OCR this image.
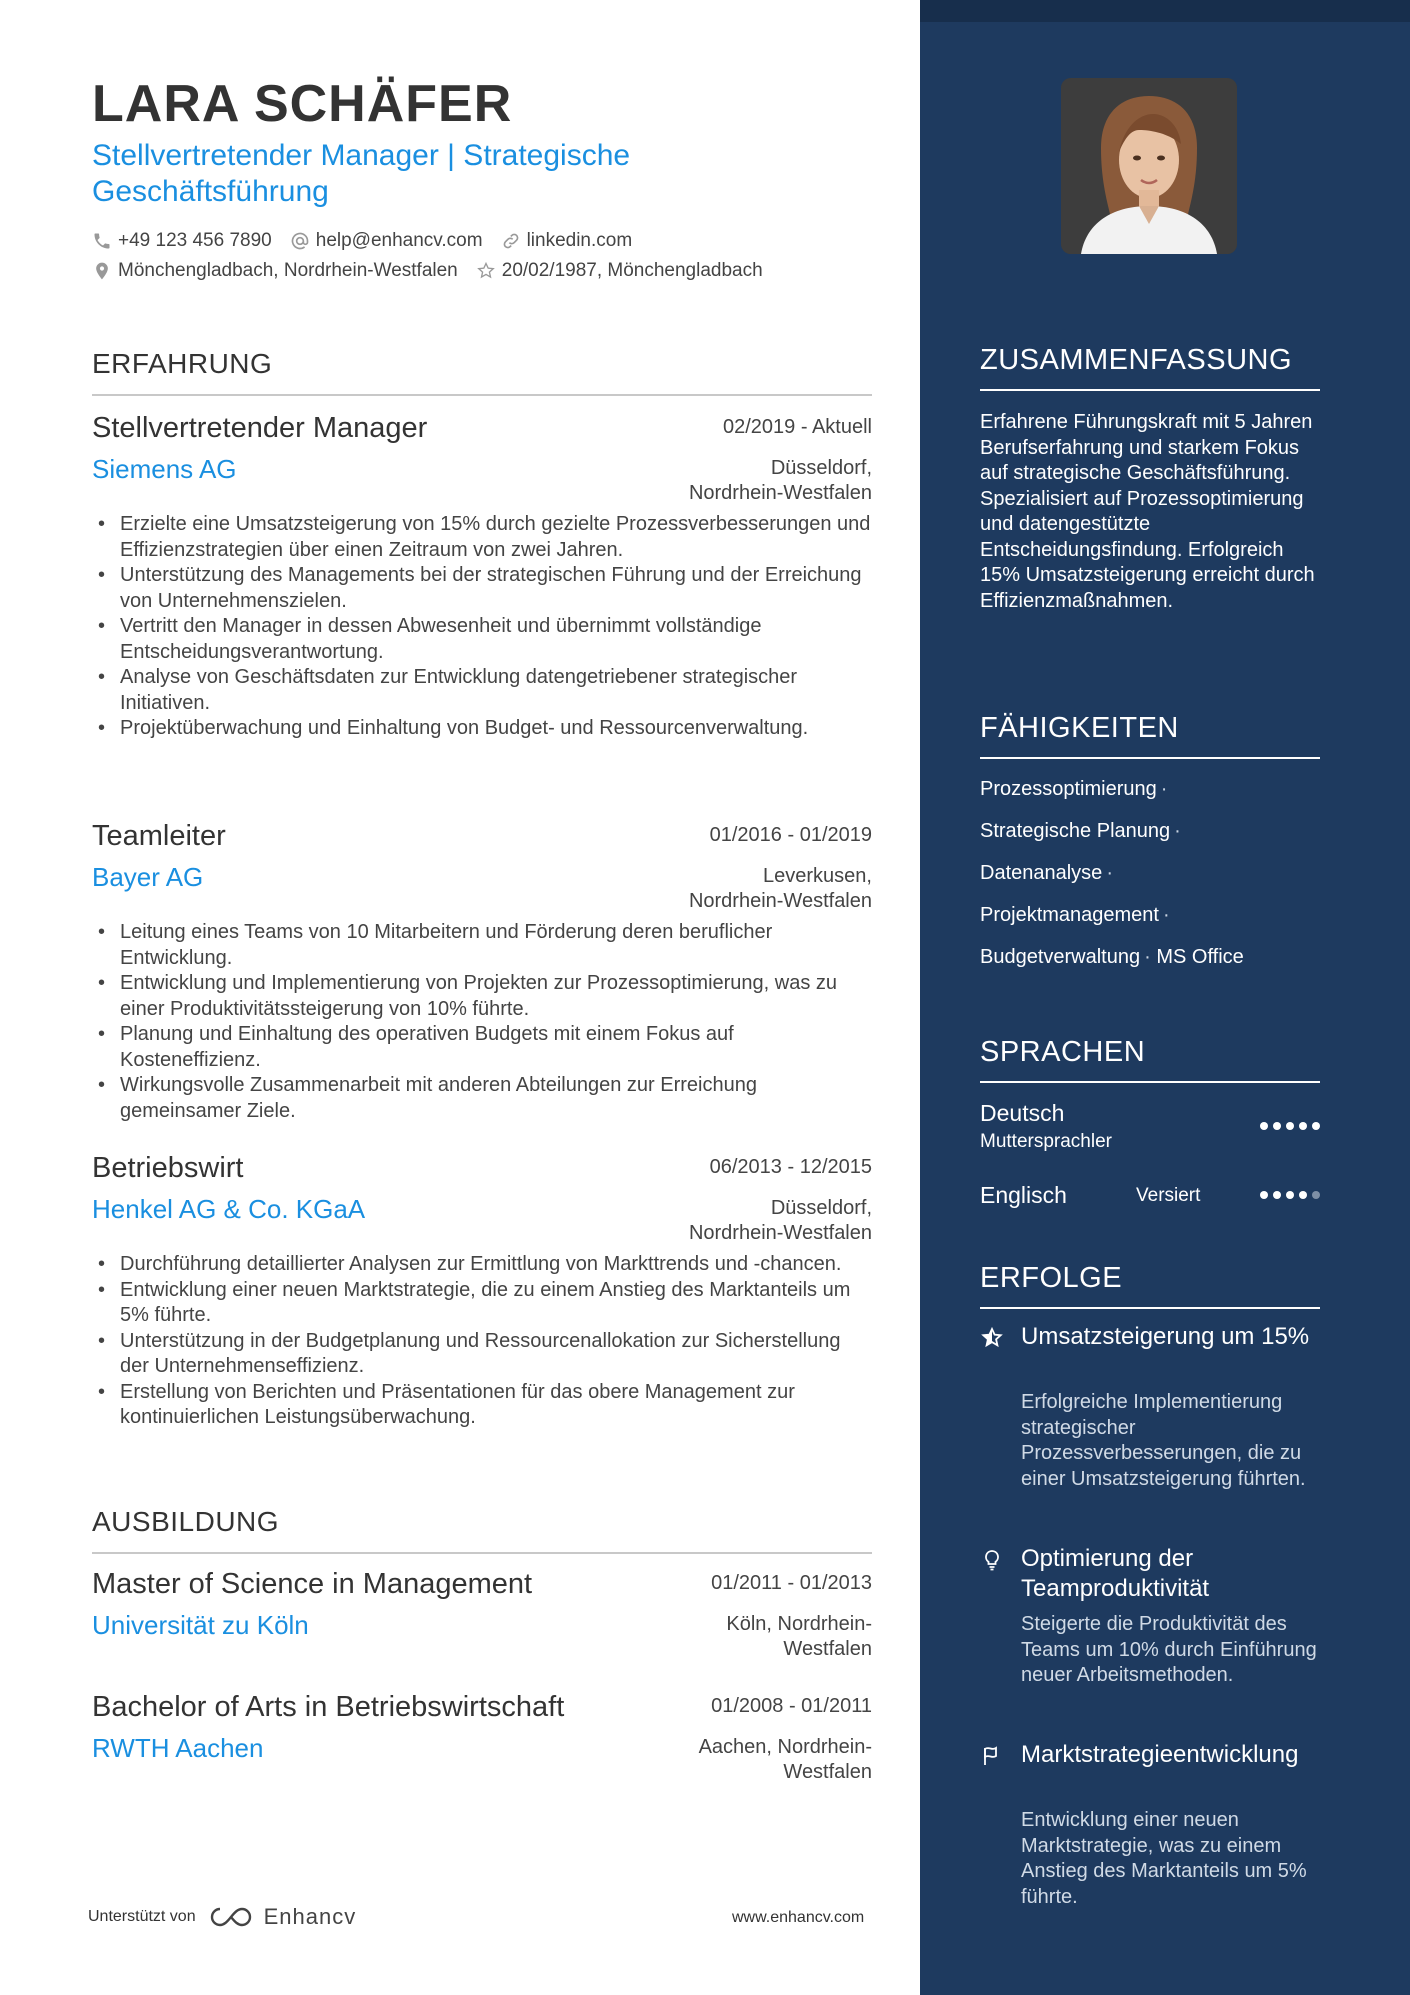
LARA SCHÄFER
Stellvertretender Manager | Strategische Geschäftsführung
+49 123 456 7890 help@enhancv.com linkedin.com
Mönchengladbach, Nordrhein-Westfalen 20/02/1987, Mönchengladbach
ERFAHRUNG
Stellvertretender Manager	02/2019 - Aktuell
Siemens AG	Düsseldorf,
Nordrhein-Westfalen
• Erzielte eine Umsatzsteigerung von 15% durch gezielte Prozessverbesserungen und Effizienzstrategien über einen Zeitraum von zwei Jahren.
• Unterstützung des Managements bei der strategischen Führung und der Erreichung von Unternehmenszielen.
• Vertritt den Manager in dessen Abwesenheit und übernimmt vollständige Entscheidungsverantwortung.
• Analyse von Geschäftsdaten zur Entwicklung datengetriebener strategischer Initiativen.
• Projektüberwachung und Einhaltung von Budget- und Ressourcenverwaltung.
Teamleiter	01/2016 - 01/2019
Bayer AG	Leverkusen,
Nordrhein-Westfalen
• Leitung eines Teams von 10 Mitarbeitern und Förderung deren beruflicher Entwicklung.
• Entwicklung und Implementierung von Projekten zur Prozessoptimierung, was zu einer Produktivitätssteigerung von 10% führte.
• Planung und Einhaltung des operativen Budgets mit einem Fokus auf Kosteneffizienz.
• Wirkungsvolle Zusammenarbeit mit anderen Abteilungen zur Erreichung gemeinsamer Ziele.
Betriebswirt	06/2013 - 12/2015
Henkel AG & Co. KGaA	Düsseldorf,
Nordrhein-Westfalen
• Durchführung detaillierter Analysen zur Ermittlung von Markttrends und -chancen.
• Entwicklung einer neuen Marktstrategie, die zu einem Anstieg des Marktanteils um 5% führte.
• Unterstützung in der Budgetplanung und Ressourcenallokation zur Sicherstellung der Unternehmenseffizienz.
• Erstellung von Berichten und Präsentationen für das obere Management zur kontinuierlichen Leistungsüberwachung.
AUSBILDUNG
Master of Science in Management	01/2011 - 01/2013
Universität zu Köln	Köln, Nordrhein-
Westfalen
Bachelor of Arts in Betriebswirtschaft	01/2008 - 01/2011
RWTH Aachen	Aachen, Nordrhein-
Westfalen
Unterstützt von	Enhancv	www.enhancv.com
ZUSAMMENFASSUNG
Erfahrene Führungskraft mit 5 Jahren Berufserfahrung und starkem Fokus auf strategische Geschäftsführung. Spezialisiert auf Prozessoptimierung und datengestützte Entscheidungsfindung. Erfolgreich 15% Umsatzsteigerung erreicht durch Effizienzmaßnahmen.
FÄHIGKEITEN
Prozessoptimierung ·
Strategische Planung ·
Datenanalyse ·
Projektmanagement ·
Budgetverwaltung · MS Office
SPRACHEN
Deutsch
Muttersprachler
Englisch	Versiert
ERFOLGE
Umsatzsteigerung um 15%
Erfolgreiche Implementierung strategischer Prozessverbesserungen, die zu einer Umsatzsteigerung führten.
Optimierung der Teamproduktivität
Steigerte die Produktivität des Teams um 10% durch Einführung neuer Arbeitsmethoden.
Marktstrategieentwicklung
Entwicklung einer neuen Marktstrategie, was zu einem Anstieg des Marktanteils um 5% führte.
